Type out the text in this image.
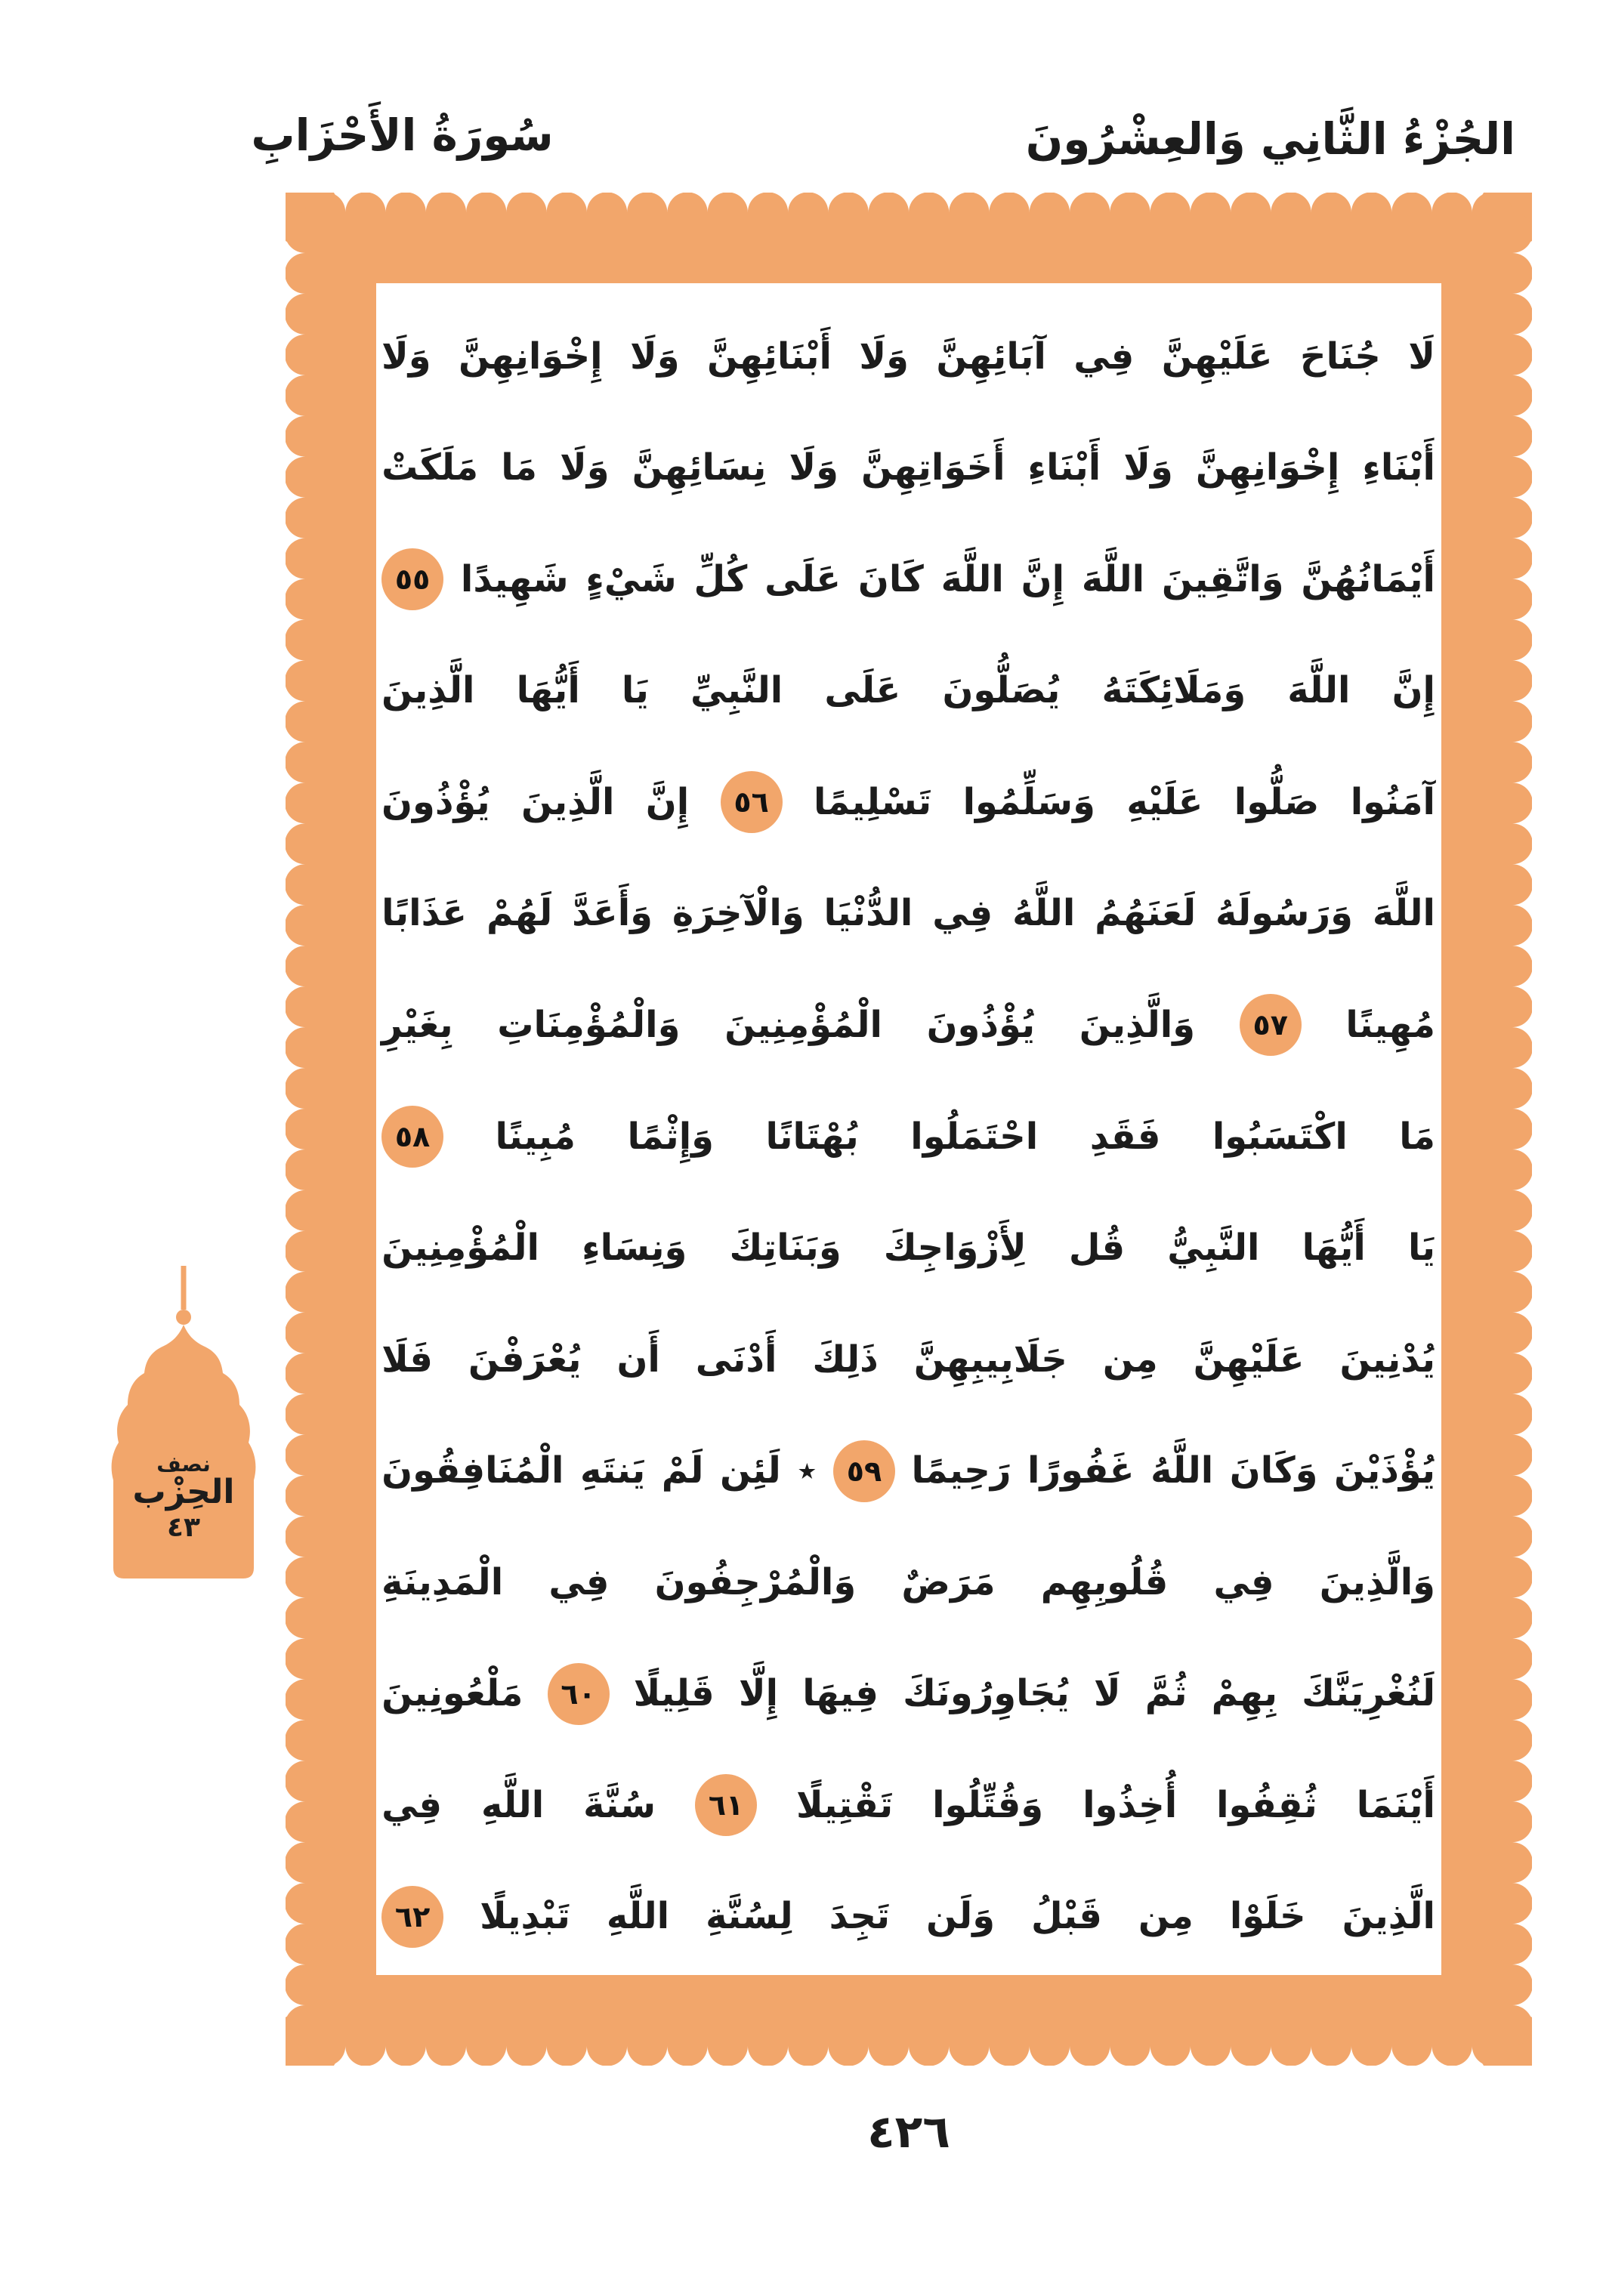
سُورَةُ الأَحْزَابِ	الجُزْءُ الثَّانِي وَالعِشْرُونَ
لَا
جُنَاحَ
عَلَيْهِنَّ
فِي
آبَائِهِنَّ
وَلَا
أَبْنَائِهِنَّ
وَلَا
إِخْوَانِهِنَّ
وَلَا
أَبْنَاءِ
إِخْوَانِهِنَّ
وَلَا
أَبْنَاءِ
أَخَوَاتِهِنَّ
وَلَا
نِسَائِهِنَّ
وَلَا
مَا
مَلَكَتْ
أَيْمَانُهُنَّ
وَاتَّقِينَ
اللَّهَ
إِنَّ
اللَّهَ
كَانَ
عَلَى
كُلِّ
شَيْءٍ
شَهِيدًا
٥٥
إِنَّ
اللَّهَ
وَمَلَائِكَتَهُ
يُصَلُّونَ
عَلَى
النَّبِيِّ
يَا
أَيُّهَا
الَّذِينَ
آمَنُوا
صَلُّوا
عَلَيْهِ
وَسَلِّمُوا
تَسْلِيمًا
٥٦
إِنَّ
الَّذِينَ
يُؤْذُونَ
اللَّهَ
وَرَسُولَهُ
لَعَنَهُمُ
اللَّهُ
فِي
الدُّنْيَا
وَالْآخِرَةِ
وَأَعَدَّ
لَهُمْ
عَذَابًا
مُهِينًا
٥٧
وَالَّذِينَ
يُؤْذُونَ
الْمُؤْمِنِينَ
وَالْمُؤْمِنَاتِ
بِغَيْرِ
مَا
اكْتَسَبُوا
فَقَدِ
احْتَمَلُوا
بُهْتَانًا
وَإِثْمًا
مُبِينًا
٥٨
يَا
أَيُّهَا
النَّبِيُّ
قُل
لِأَزْوَاجِكَ
وَبَنَاتِكَ
وَنِسَاءِ
الْمُؤْمِنِينَ
يُدْنِينَ
عَلَيْهِنَّ
مِن
جَلَابِيبِهِنَّ
ذَلِكَ
أَدْنَى
أَن
يُعْرَفْنَ
فَلَا
يُؤْذَيْنَ
وَكَانَ
اللَّهُ
غَفُورًا
رَحِيمًا
٥٩
٭
لَئِن
لَمْ
يَنتَهِ
الْمُنَافِقُونَ
وَالَّذِينَ
فِي
قُلُوبِهِم
مَرَضٌ
وَالْمُرْجِفُونَ
فِي
الْمَدِينَةِ
لَنُغْرِيَنَّكَ
بِهِمْ
ثُمَّ
لَا
يُجَاوِرُونَكَ
فِيهَا
إِلَّا
قَلِيلًا
٦٠
مَلْعُونِينَ
أَيْنَمَا
ثُقِفُوا
أُخِذُوا
وَقُتِّلُوا
تَقْتِيلًا
٦١
سُنَّةَ
اللَّهِ
فِي
الَّذِينَ
خَلَوْا
مِن
قَبْلُ
وَلَن
تَجِدَ
لِسُنَّةِ
اللَّهِ
تَبْدِيلًا
٦٢
نصف
الحِزْب
٤٣
٤٢٦
